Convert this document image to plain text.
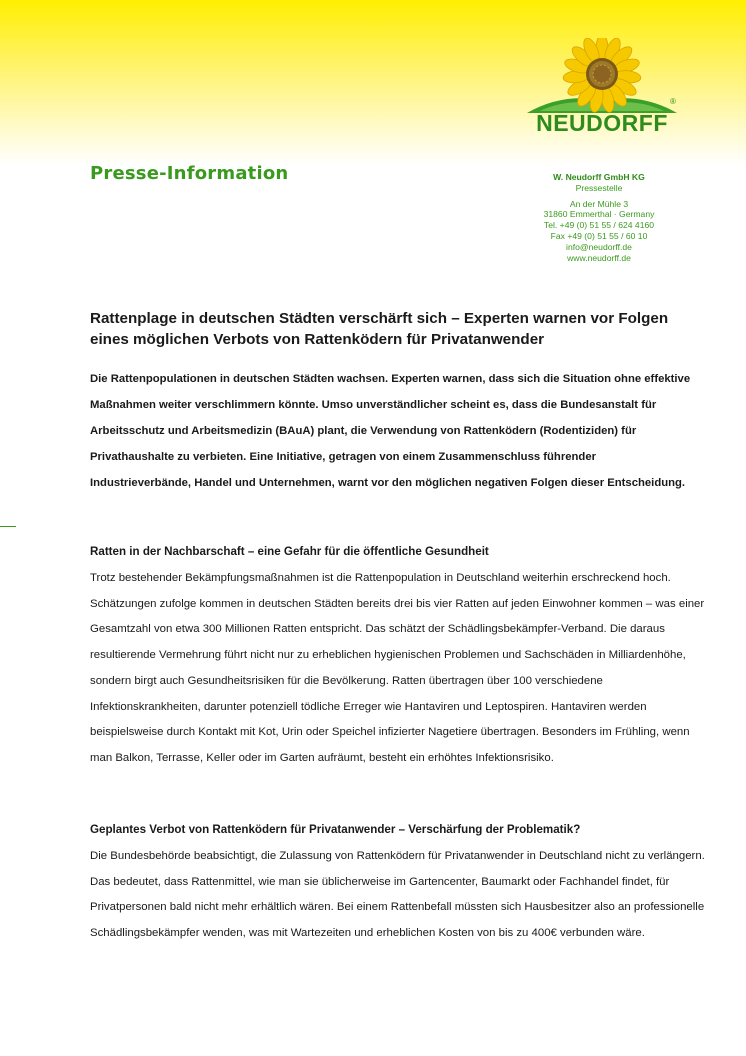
NEUDORFF
®
Presse-Information	W. Neudorff GmbH KG
Pressestelle
An der Mühle 3
31860 Emmerthal · Germany
Tel. +49 (0) 51 55 / 624 4160
Fax +49 (0) 51 55 / 60 10
info@neudorff.de
www.neudorff.de
Rattenplage in deutschen Städten verschärft sich – Experten warnen vor Folgen eines möglichen Verbots von Rattenködern für Privatanwender
Die Rattenpopulationen in deutschen Städten wachsen. Experten warnen, dass sich die Situation ohne effektive Maßnahmen weiter verschlimmern könnte. Umso unverständlicher scheint es, dass die Bundesanstalt für Arbeitsschutz und Arbeitsmedizin (BAuA) plant, die Verwendung von Rattenködern (Rodentiziden) für Privathaushalte zu verbieten. Eine Initiative, getragen von einem Zusammenschluss führender Industrieverbände, Handel und Unternehmen, warnt vor den möglichen negativen Folgen dieser Entscheidung.
Ratten in der Nachbarschaft – eine Gefahr für die öffentliche Gesundheit
Trotz bestehender Bekämpfungsmaßnahmen ist die Rattenpopulation in Deutschland weiterhin erschreckend hoch. Schätzungen zufolge kommen in deutschen Städten bereits drei bis vier Ratten auf jeden Einwohner kommen – was einer Gesamtzahl von etwa 300 Millionen Ratten entspricht. Das schätzt der Schädlingsbekämpfer-Verband. Die daraus resultierende Vermehrung führt nicht nur zu erheblichen hygienischen Problemen und Sachschäden in Milliardenhöhe, sondern birgt auch Gesundheitsrisiken für die Bevölkerung. Ratten übertragen über 100 verschiedene Infektionskrankheiten, darunter potenziell tödliche Erreger wie Hantaviren und Leptospiren. Hantaviren werden beispielsweise durch Kontakt mit Kot, Urin oder Speichel infizierter Nagetiere übertragen. Besonders im Frühling, wenn man Balkon, Terrasse, Keller oder im Garten aufräumt, besteht ein erhöhtes Infektionsrisiko.
Geplantes Verbot von Rattenködern für Privatanwender – Verschärfung der Problematik?
Die Bundesbehörde beabsichtigt, die Zulassung von Rattenködern für Privatanwender in Deutschland nicht zu verlängern. Das bedeutet, dass Rattenmittel, wie man sie üblicherweise im Gartencenter, Baumarkt oder Fachhandel findet, für Privatpersonen bald nicht mehr erhältlich wären. Bei einem Rattenbefall müssten sich Hausbesitzer also an professionelle Schädlingsbekämpfer wenden, was mit Wartezeiten und erheblichen Kosten von bis zu 400€ verbunden wäre.
